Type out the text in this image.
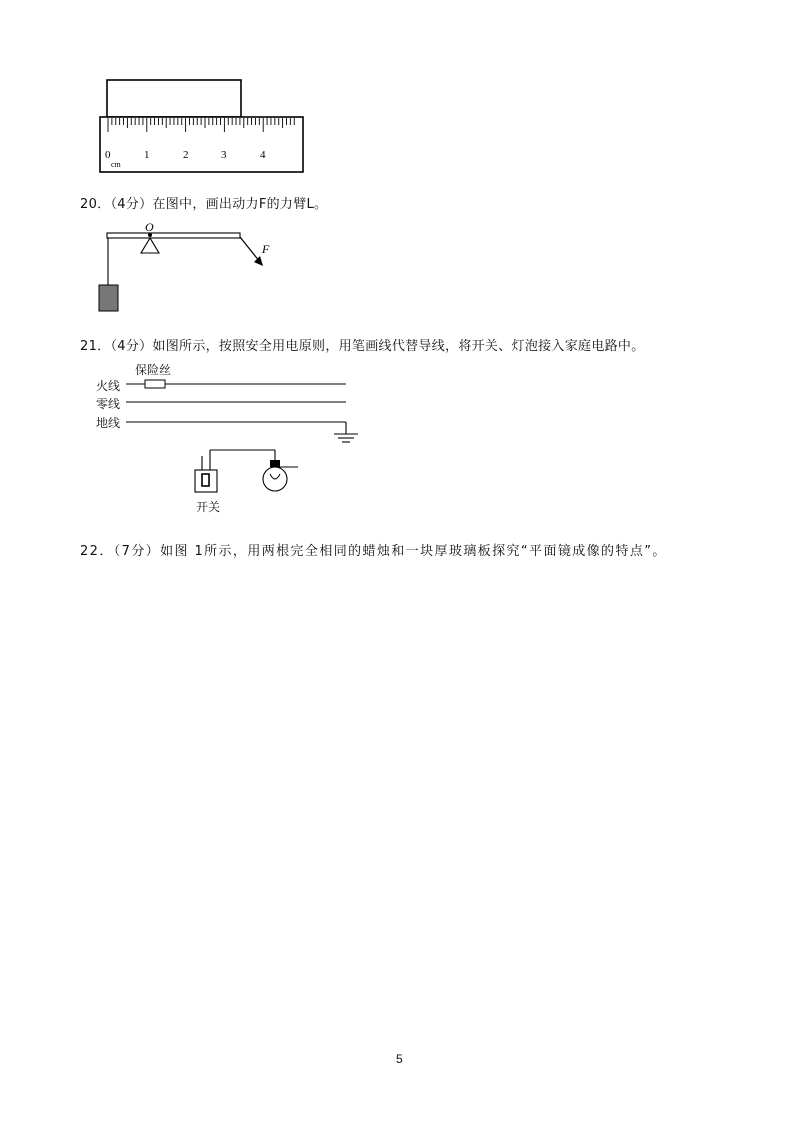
0	1	2	3	4
cm
20．（4分）在图中，画出动力F的力臂L。
O
F
21．（4分）如图所示，按照安全用电原则，用笔画线代替导线，将开关、灯泡接入家庭电路中。
保险丝
火线
零线
地线
开关
22．（7分）如图 1所示，用两根完全相同的蜡烛和一块厚玻璃板探究“平面镜成像的特点”。
5
